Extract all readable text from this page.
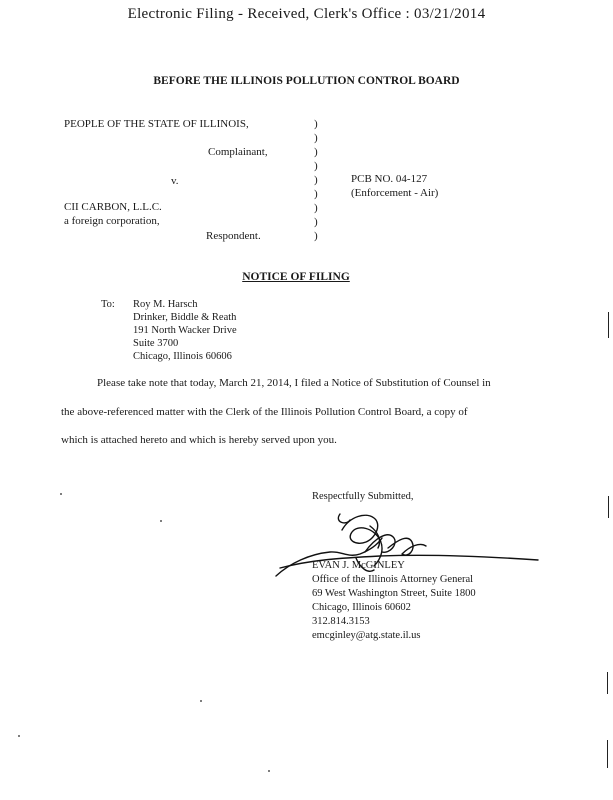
Electronic Filing - Received, Clerk's Office : 03/21/2014
BEFORE THE ILLINOIS POLLUTION CONTROL BOARD
PEOPLE OF THE STATE OF ILLINOIS,
Complainant,
v.
CII CARBON, L.L.C.
a foreign corporation,
Respondent.
)
)
)
)
)
)
)
)
)
PCB NO. 04-127
(Enforcement - Air)
NOTICE OF FILING
To: Roy M. Harsch
Drinker, Biddle & Reath
191 North Wacker Drive
Suite 3700
Chicago, Illinois 60606
Please take note that today, March 21, 2014, I filed a Notice of Substitution of Counsel in
the above-referenced matter with the Clerk of the Illinois Pollution Control Board, a copy of
which is attached hereto and which is hereby served upon you.
Respectfully Submitted,
EVAN J. McGINLEY
Office of the Illinois Attorney General
69 West Washington Street, Suite 1800
Chicago, Illinois 60602
312.814.3153
emcginley@atg.state.il.us
